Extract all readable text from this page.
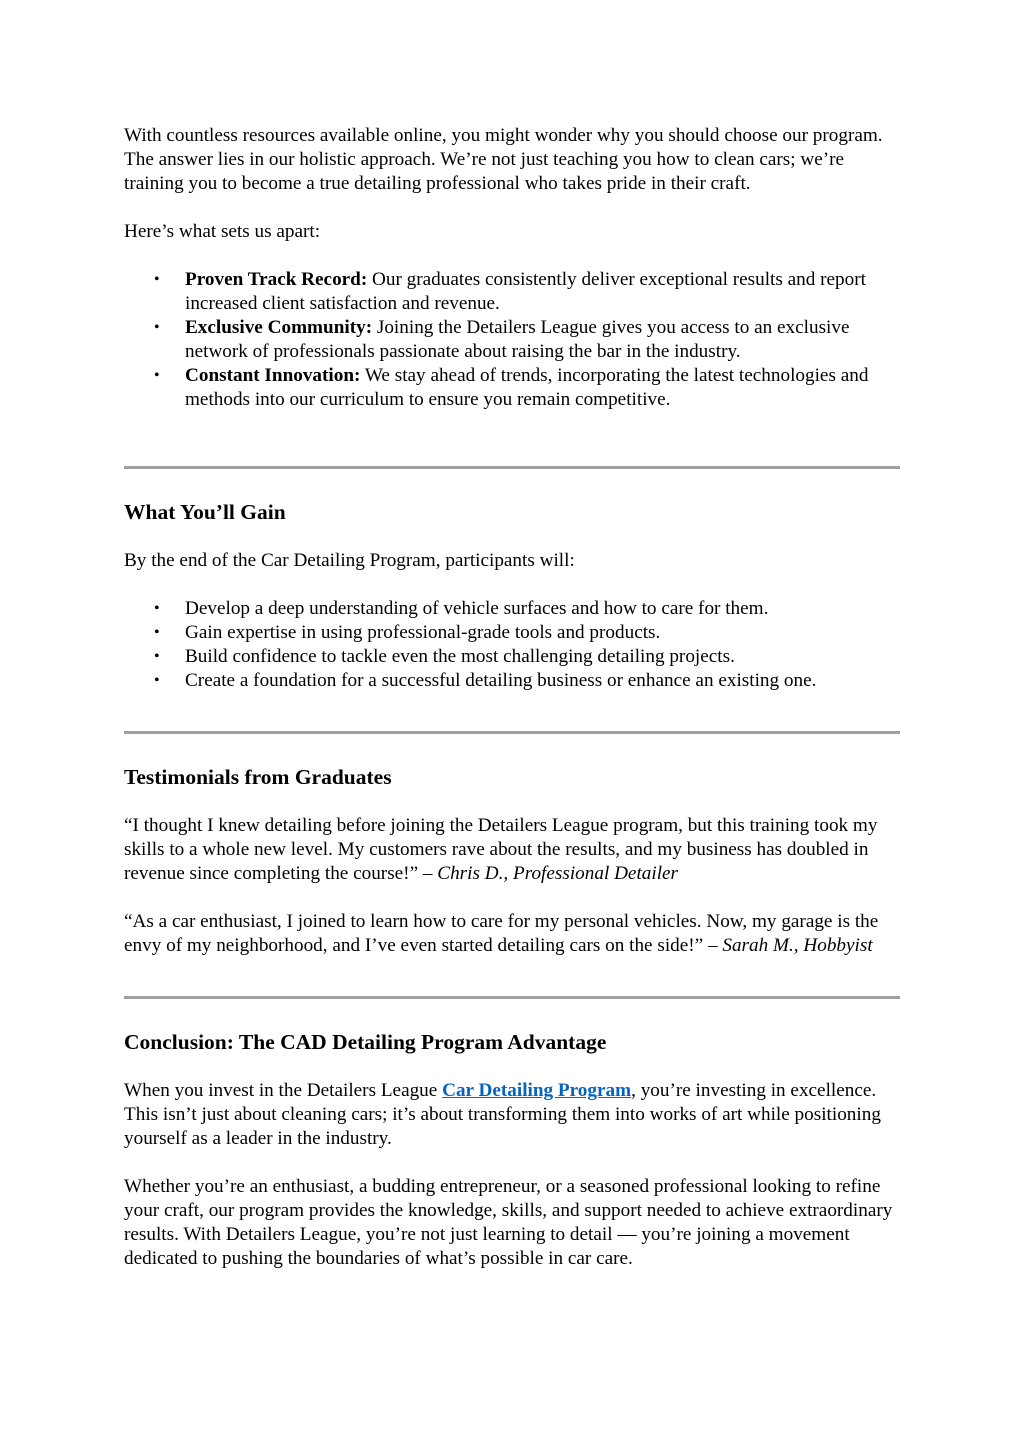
With countless resources available online, you might wonder why you should choose our program. The answer lies in our holistic approach. We’re not just teaching you how to clean cars; we’re training you to become a true detailing professional who takes pride in their craft.

Here’s what sets us apart:

• Proven Track Record: Our graduates consistently deliver exceptional results and report increased client satisfaction and revenue.
• Exclusive Community: Joining the Detailers League gives you access to an exclusive network of professionals passionate about raising the bar in the industry.
• Constant Innovation: We stay ahead of trends, incorporating the latest technologies and methods into our curriculum to ensure you remain competitive.
What You’ll Gain

By the end of the Car Detailing Program, participants will:

• Develop a deep understanding of vehicle surfaces and how to care for them.
• Gain expertise in using professional-grade tools and products.
• Build confidence to tackle even the most challenging detailing projects.
• Create a foundation for a successful detailing business or enhance an existing one.
Testimonials from Graduates

“I thought I knew detailing before joining the Detailers League program, but this training took my skills to a whole new level. My customers rave about the results, and my business has doubled in revenue since completing the course!” – Chris D., Professional Detailer

“As a car enthusiast, I joined to learn how to care for my personal vehicles. Now, my garage is the envy of my neighborhood, and I’ve even started detailing cars on the side!” – Sarah M., Hobbyist

Conclusion: The CAD Detailing Program Advantage

When you invest in the Detailers League Car Detailing Program, you’re investing in excellence. This isn’t just about cleaning cars; it’s about transforming them into works of art while positioning yourself as a leader in the industry.

Whether you’re an enthusiast, a budding entrepreneur, or a seasoned professional looking to refine your craft, our program provides the knowledge, skills, and support needed to achieve extraordinary results. With Detailers League, you’re not just learning to detail — you’re joining a movement dedicated to pushing the boundaries of what’s possible in car care.
